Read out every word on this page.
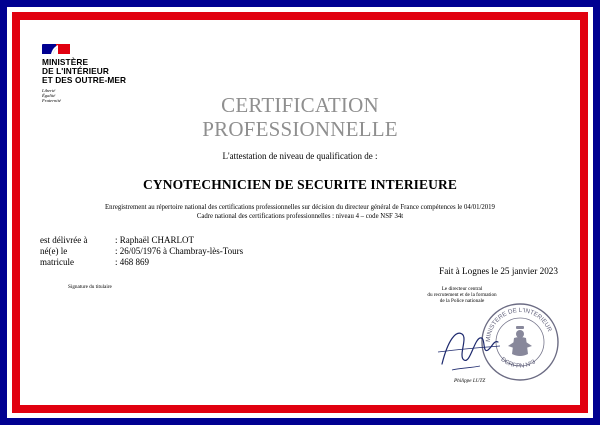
MINISTÈRE
DE L'INTÉRIEUR
ET DES OUTRE-MER
Liberté
Égalité
Fraternité	CERTIFICATION
PROFESSIONNELLE
L'attestation de niveau de qualification de :
CYNOTECHNICIEN DE SECURITE INTERIEURE
Enregistrement au répertoire national des certifications professionnelles sur décision du directeur général de France compétences le 04/01/2019
Cadre national des certifications professionnelles : niveau 4 – code NSF 34t
est délivrée à	: Raphaël CHARLOT
né(e) le	: 26/05/1976 à Chambray-lès-Tours
matricule	: 468 869
Fait à Lognes le 25 janvier 2023
Signature du titulaire	Le directeur central
du recrutement et de la formation
de la Police nationale
MINISTERE DE L'INTERIEUR
DCRFPN N°3
Philippe LUTZ
